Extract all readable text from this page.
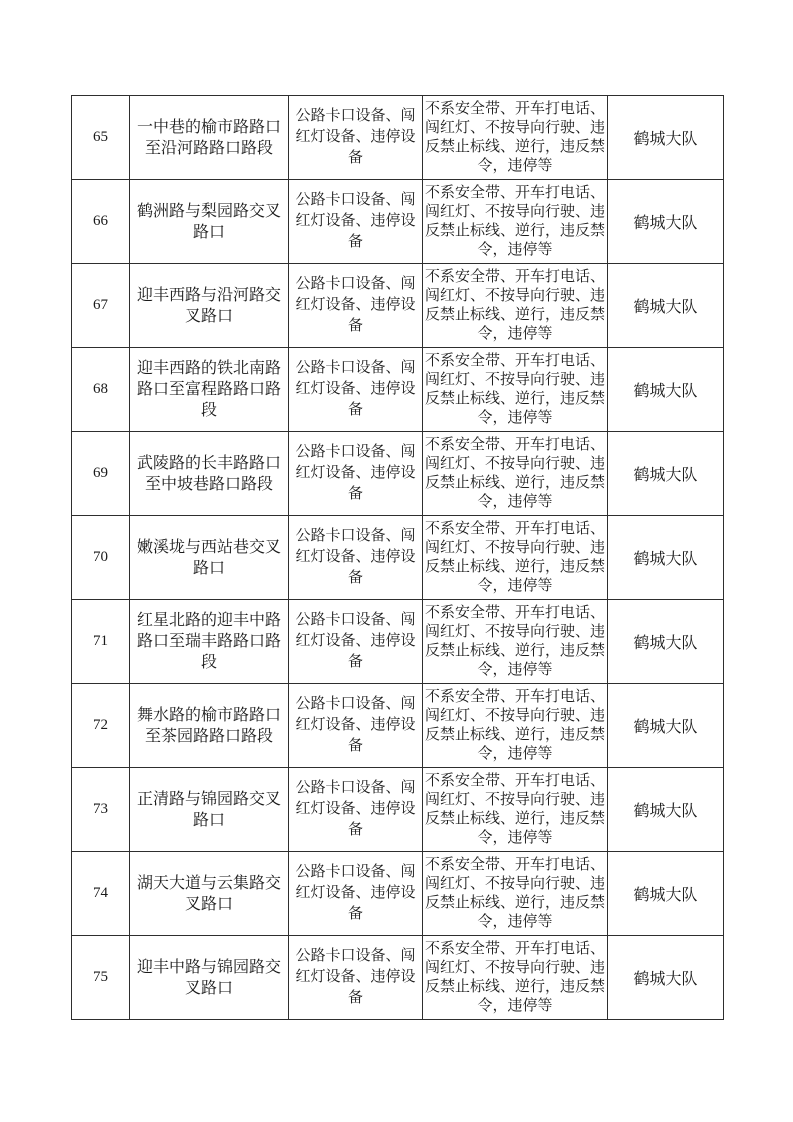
65	一中巷的榆市路路口至沿河路路口路段	公路卡口设备、闯红灯设备、违停设备	不系安全带、开车打电话、闯红灯、不按导向行驶、违反禁止标线、逆行，违反禁令，违停等	鹤城大队
66	鹤洲路与梨园路交叉路口	公路卡口设备、闯红灯设备、违停设备	不系安全带、开车打电话、闯红灯、不按导向行驶、违反禁止标线、逆行，违反禁令，违停等	鹤城大队
67	迎丰西路与沿河路交叉路口	公路卡口设备、闯红灯设备、违停设备	不系安全带、开车打电话、闯红灯、不按导向行驶、违反禁止标线、逆行，违反禁令，违停等	鹤城大队
68	迎丰西路的铁北南路路口至富程路路口路段	公路卡口设备、闯红灯设备、违停设备	不系安全带、开车打电话、闯红灯、不按导向行驶、违反禁止标线、逆行，违反禁令，违停等	鹤城大队
69	武陵路的长丰路路口至中坡巷路口路段	公路卡口设备、闯红灯设备、违停设备	不系安全带、开车打电话、闯红灯、不按导向行驶、违反禁止标线、逆行，违反禁令，违停等	鹤城大队
70	嫩溪垅与西站巷交叉路口	公路卡口设备、闯红灯设备、违停设备	不系安全带、开车打电话、闯红灯、不按导向行驶、违反禁止标线、逆行，违反禁令，违停等	鹤城大队
71	红星北路的迎丰中路路口至瑞丰路路口路段	公路卡口设备、闯红灯设备、违停设备	不系安全带、开车打电话、闯红灯、不按导向行驶、违反禁止标线、逆行，违反禁令，违停等	鹤城大队
72	舞水路的榆市路路口至茶园路路口路段	公路卡口设备、闯红灯设备、违停设备	不系安全带、开车打电话、闯红灯、不按导向行驶、违反禁止标线、逆行，违反禁令，违停等	鹤城大队
73	正清路与锦园路交叉路口	公路卡口设备、闯红灯设备、违停设备	不系安全带、开车打电话、闯红灯、不按导向行驶、违反禁止标线、逆行，违反禁令，违停等	鹤城大队
74	湖天大道与云集路交叉路口	公路卡口设备、闯红灯设备、违停设备	不系安全带、开车打电话、闯红灯、不按导向行驶、违反禁止标线、逆行，违反禁令，违停等	鹤城大队
75	迎丰中路与锦园路交叉路口	公路卡口设备、闯红灯设备、违停设备	不系安全带、开车打电话、闯红灯、不按导向行驶、违反禁止标线、逆行，违反禁令，违停等	鹤城大队
